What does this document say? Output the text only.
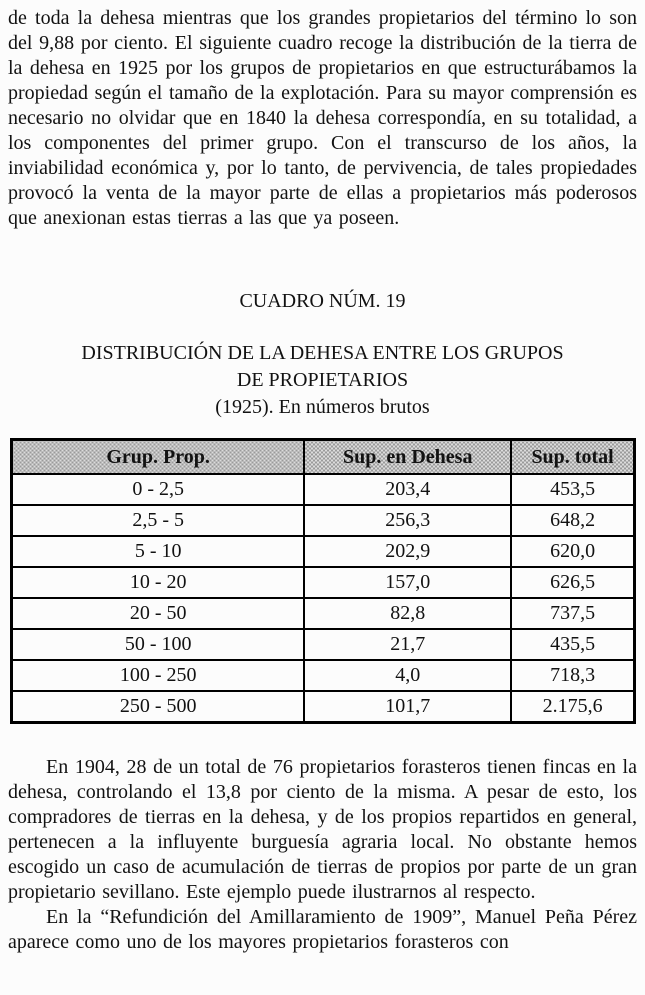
de toda la dehesa mientras que los grandes propietarios del término lo son del 9,88 por ciento. El siguiente cuadro recoge la distribución de la tierra de la dehesa en 1925 por los grupos de propietarios en que estructurábamos la propiedad según el tamaño de la explotación. Para su mayor comprensión es necesario no olvidar que en 1840 la dehesa correspondía, en su totalidad, a los componentes del primer grupo. Con el transcurso de los años, la inviabilidad económica y, por lo tanto, de pervivencia, de tales propiedades provocó la venta de la mayor parte de ellas a propietarios más poderosos que anexionan estas tierras a las que ya poseen.

CUADRO NÚM. 19
DISTRIBUCIÓN DE LA DEHESA ENTRE LOS GRUPOS
DE PROPIETARIOS
(1925). En números brutos
Grup. Prop.	Sup. en Dehesa	Sup. total
0 - 2,5	203,4	453,5
2,5 - 5	256,3	648,2
5 - 10	202,9	620,0
10 - 20	157,0	626,5
20 - 50	82,8	737,5
50 - 100	21,7	435,5
100 - 250	4,0	718,3
250 - 500	101,7	2.175,6

En 1904, 28 de un total de 76 propietarios forasteros tienen fincas en la dehesa, controlando el 13,8 por ciento de la misma. A pesar de esto, los compradores de tierras en la dehesa, y de los propios repartidos en general, pertenecen a la influyente burguesía agraria local. No obstante hemos escogido un caso de acumulación de tierras de propios por parte de un gran propietario sevillano. Este ejemplo puede ilustrarnos al respecto.

En la “Refundición del Amillaramiento de 1909”, Manuel Peña Pérez aparece como uno de los mayores propietarios forasteros con
